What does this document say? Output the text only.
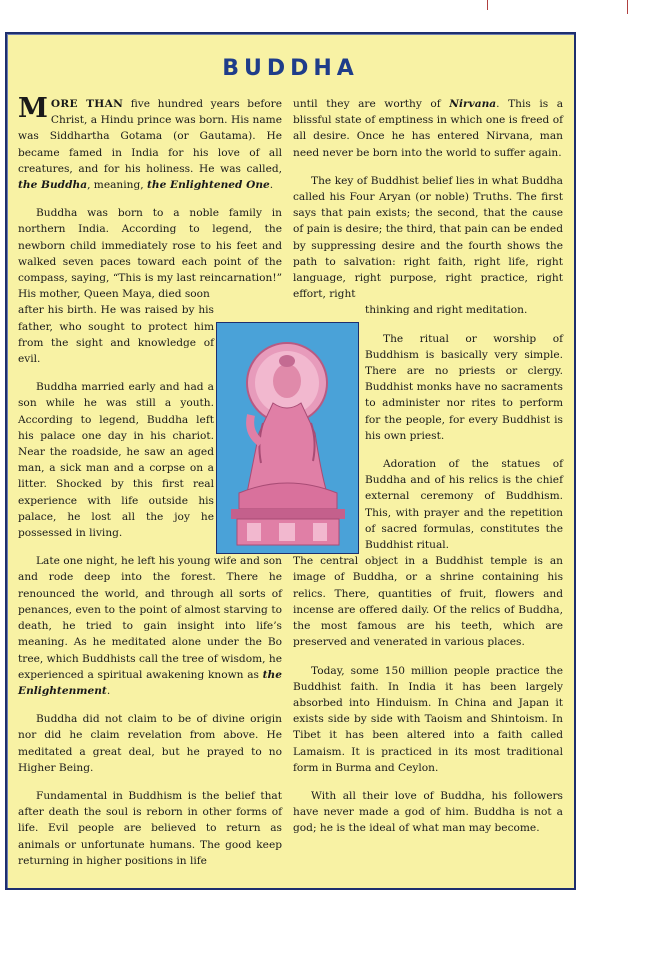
BUDDHA

MORE THAN five hundred years before Christ, a Hindu prince was born. His name was Siddhartha Gotama (or Gautama). He became famed in India for his love of all creatures, and for his holiness. He was called, the Buddha, meaning, the Enlightened One.

Buddha was born to a noble family in northern India. According to legend, the newborn child immediately rose to his feet and walked seven paces toward each point of the compass, saying, “This is my last reincarnation!” His mother, Queen Maya, died soon

after his birth. He was raised by his father, who sought to protect him from the sight and knowledge of evil.

Buddha married early and had a son while he was still a youth. According to legend, Buddha left his palace one day in his chariot. Near the roadside, he saw an aged man, a sick man and a corpse on a litter. Shocked by this first real experience with life outside his palace, he lost all the joy he possessed in living.

Late one night, he left his young wife and son and rode deep into the forest. There he renounced the world, and through all sorts of penances, even to the point of almost starving to death, he tried to gain insight into life’s meaning. As he meditated alone under the Bo tree, which Buddhists call the tree of wisdom, he experienced a spiritual awakening known as the Enlightenment.

Buddha did not claim to be of divine origin nor did he claim revelation from above. He meditated a great deal, but he prayed to no Higher Being.

Fundamental in Buddhism is the belief that after death the soul is reborn in other forms of life. Evil people are believed to return as animals or unfortunate humans. The good keep returning in higher positions in life

until they are worthy of Nirvana. This is a blissful state of emptiness in which one is freed of all desire. Once he has entered Nirvana, man need never be born into the world to suffer again.

The key of Buddhist belief lies in what Buddha called his Four Aryan (or noble) Truths. The first says that pain exists; the second, that the cause of pain is desire; the third, that pain can be ended by suppressing desire and the fourth shows the path to salvation: right faith, right life, right language, right purpose, right practice, right effort, right

thinking and right meditation.

The ritual or worship of Buddhism is basically very simple. There are no priests or clergy. Buddhist monks have no sacraments to administer nor rites to perform for the people, for every Buddhist is his own priest.

Adoration of the statues of Buddha and of his relics is the chief external ceremony of Buddhism. This, with prayer and the repetition of sacred formulas, constitutes the Buddhist ritual.

The central object in a Buddhist temple is an image of Buddha, or a shrine containing his relics. There, quantities of fruit, flowers and incense are offered daily. Of the relics of Buddha, the most famous are his teeth, which are preserved and venerated in various places.

Today, some 150 million people practice the Buddhist faith. In India it has been largely absorbed into Hinduism. In China and Japan it exists side by side with Taoism and Shintoism. In Tibet it has been altered into a faith called Lamaism. It is practiced in its most traditional form in Burma and Ceylon.

With all their love of Buddha, his followers have never made a god of him. Buddha is not a god; he is the ideal of what man may become.
